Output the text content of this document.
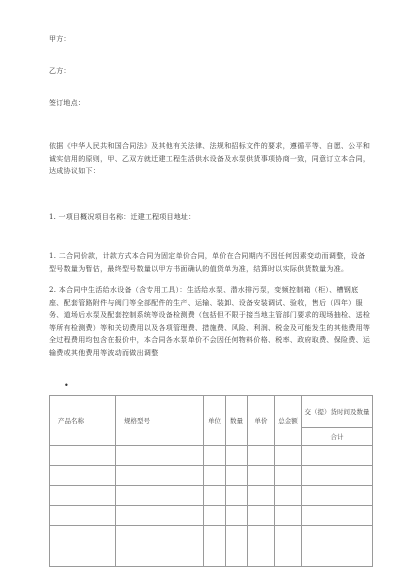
甲方：
乙方：
签订地点：
依据《中华人民共和国合同法》及其他有关法律、法规和招标文件的要求，遵循平等、自愿、公平和诚实信用的原则，甲、乙双方就迁建工程生活供水设备及水泵供货事项协商一致，同意订立本合同，达成协议如下：
1. 一项目概况项目名称：迁建工程项目地址：
1. 二合同价款，计款方式本合同为固定单价合同，单价在合同期内不因任何因素变动而调整，设备型号数量为暂估，最终型号数量以甲方书面确认的值货单为准，结算时以实际供货数量为准。
2. 本合同中生活给水设备（含专用工具）：生活给水泵、潜水排污泵，变频控制箱（柜）、槽钢底座、配套管路附件与阀门等全部配件的生产、运输、装卸、设备安装调试、验收，售后（四年）服务、道场后水泵及配套控制系统等设备检测费（包括但不限于接当地主管部门要求的现场抽检、送检等所有检测费）等和关切费用以及各项管理费、措施费、风险、利润、税金及可能发生的其他费用等全过程费用均包含在报价中，本合同各水泵单价不会因任何物料价格、税率、政府取费、保险费、运输费或其他费用等波动而做出调整
•
产品名称	规格型号	单位	数量	单价	总金额	交（提）货时间及数量
						合计
